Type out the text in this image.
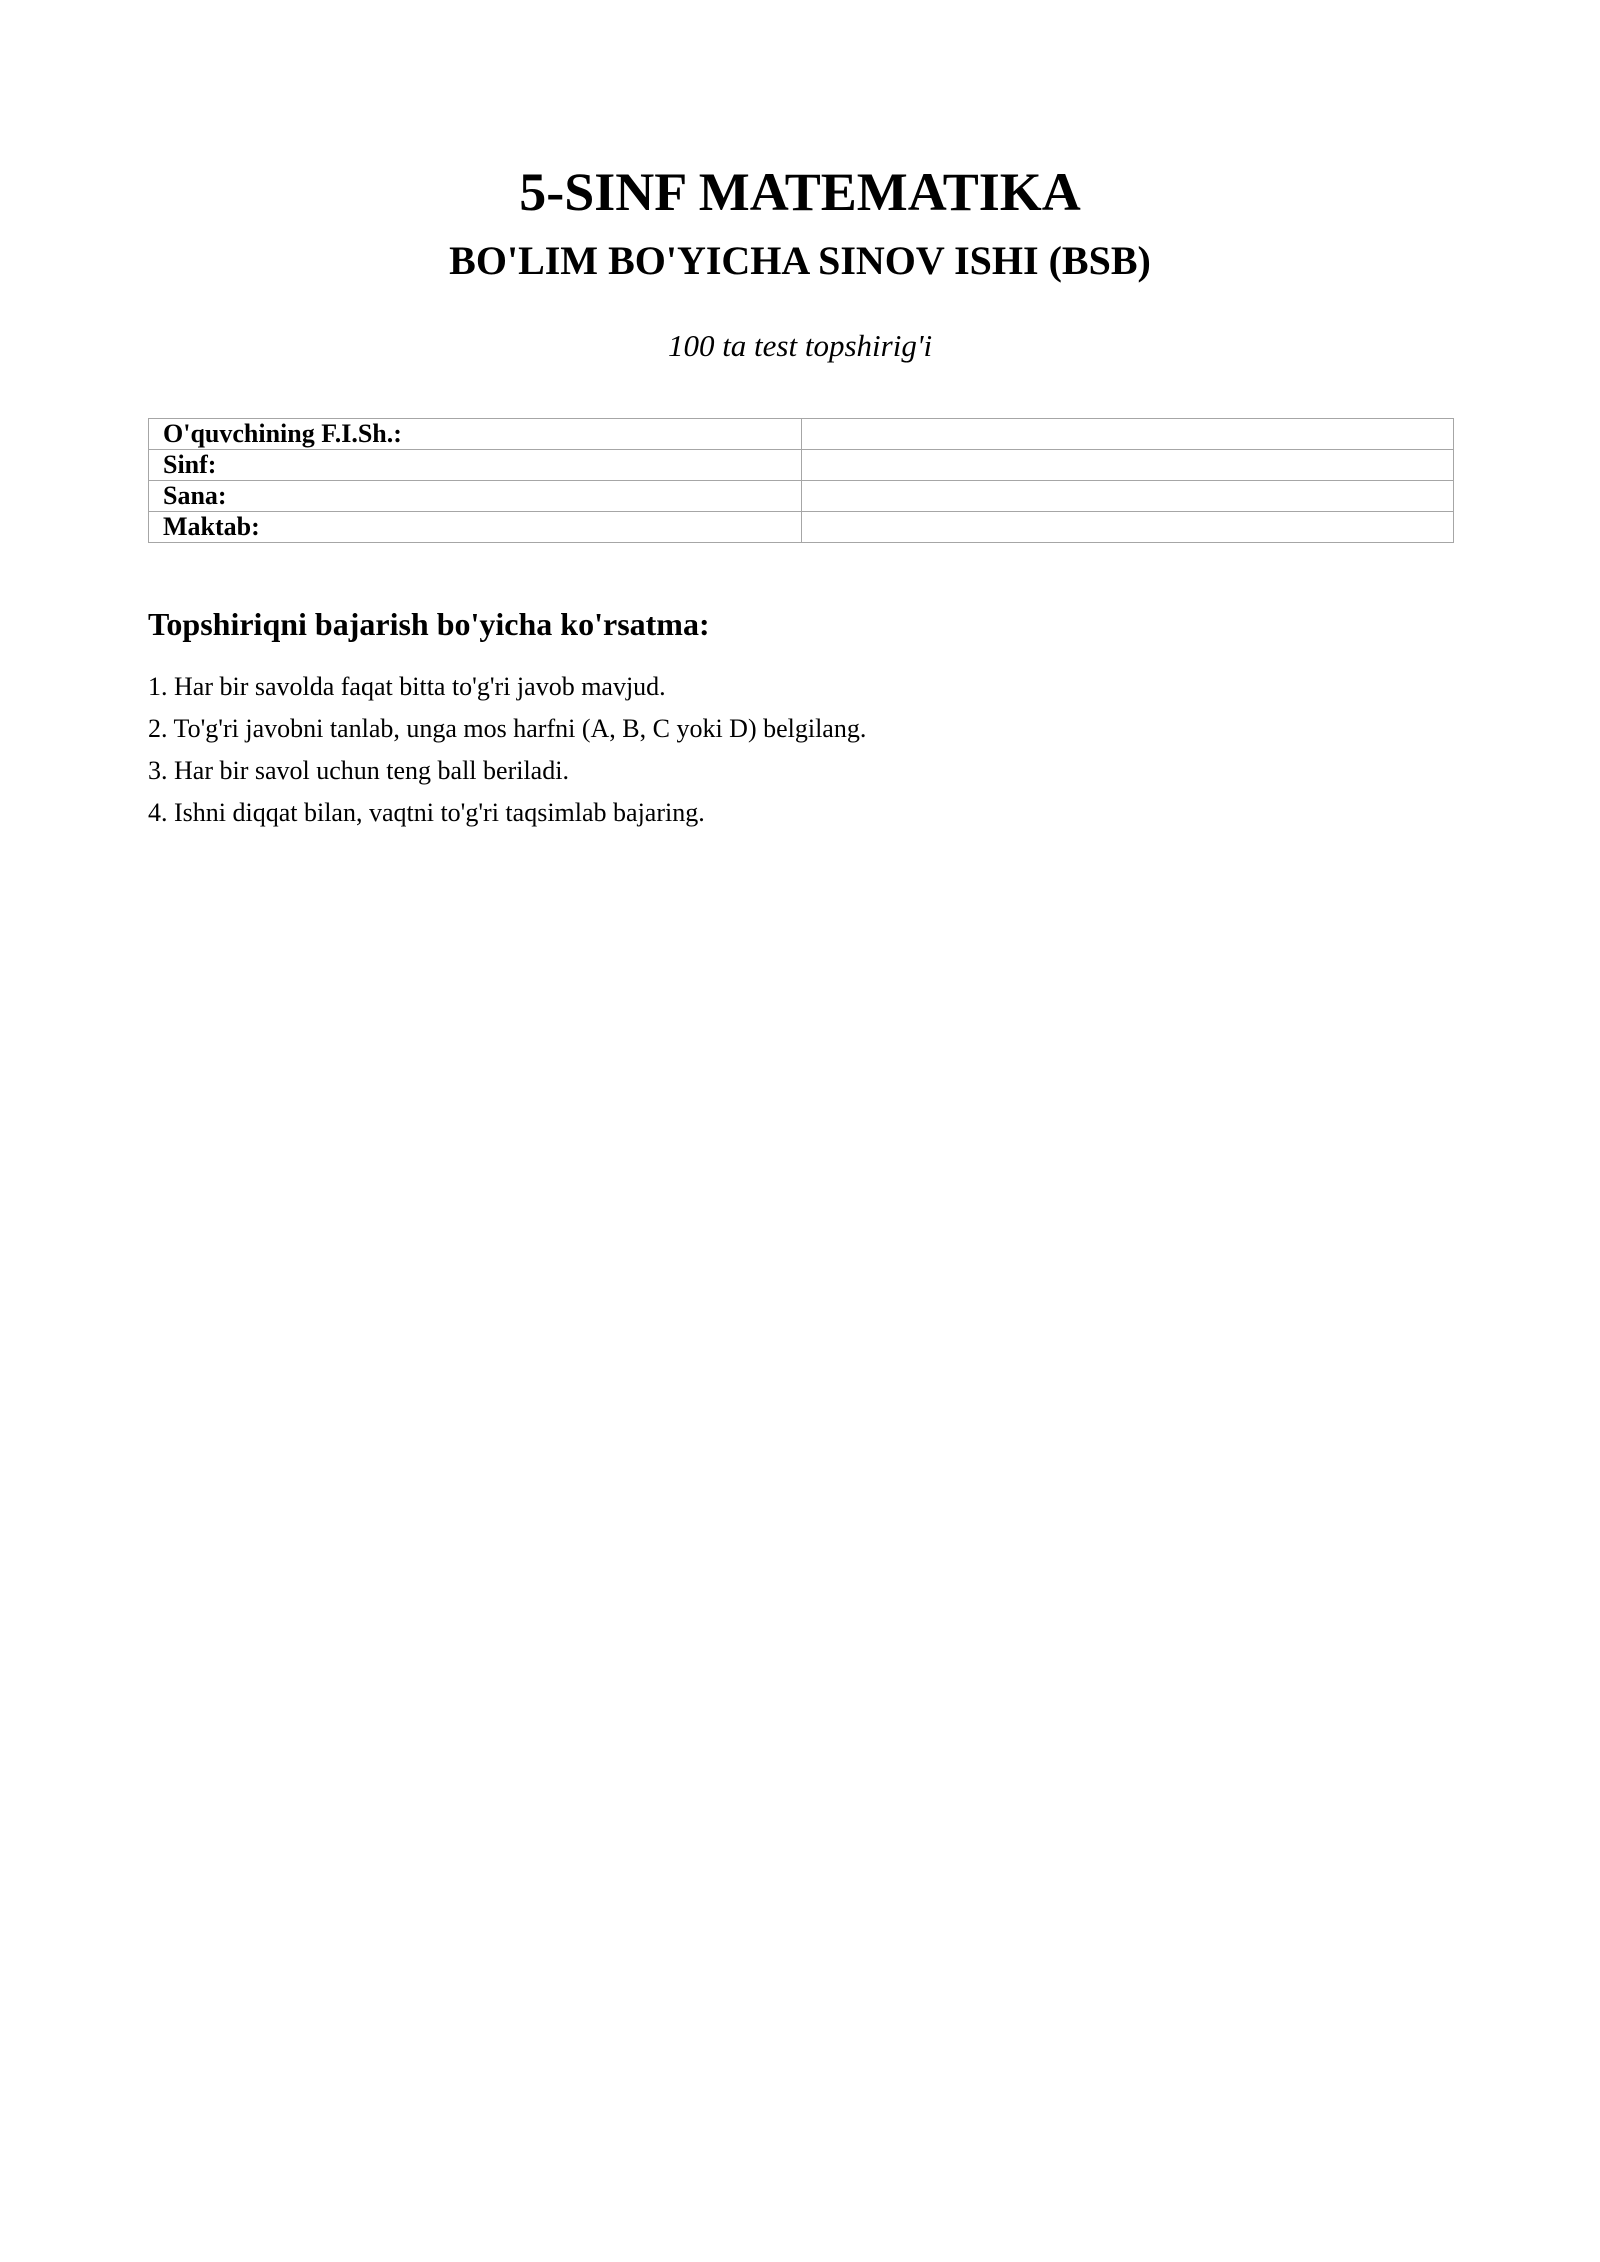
5-SINF MATEMATIKA
BO'LIM BO'YICHA SINOV ISHI (BSB)

100 ta test topshirig'i

O'quvchining F.I.Sh.:	
Sinf:	
Sana:	
Maktab:	
Topshiriqni bajarish bo'yicha ko'rsatma:
1. Har bir savolda faqat bitta to'g'ri javob mavjud.
2. To'g'ri javobni tanlab, unga mos harfni (A, B, C yoki D) belgilang.
3. Har bir savol uchun teng ball beriladi.
4. Ishni diqqat bilan, vaqtni to'g'ri taqsimlab bajaring.
